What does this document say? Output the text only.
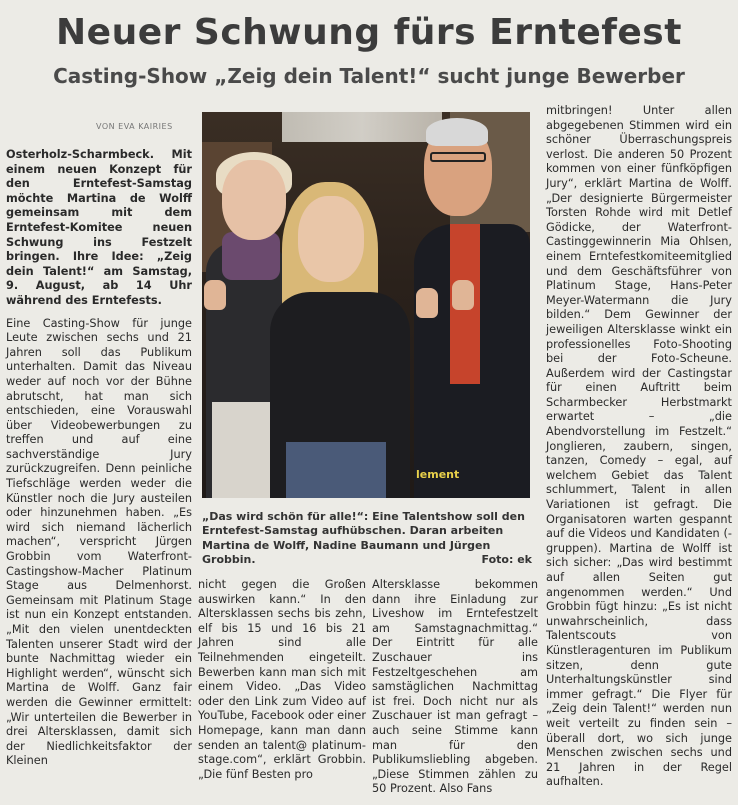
Neuer Schwung fürs Erntefest
Casting-Show „Zeig dein Talent!“ sucht junge Bewerber
VON EVA KAIRIES

Osterholz-Scharmbeck. Mit einem neuen Konzept für den Erntefest-Samstag möchte Martina de Wolff gemeinsam mit dem Erntefest-Komitee neuen Schwung ins Festzelt bringen. Ihre Idee: „Zeig dein Talent!“ am Samstag, 9. August, ab 14 Uhr während des Erntefests.

Eine Casting-Show für junge Leute zwischen sechs und 21 Jahren soll das Publikum unterhalten. Damit das Niveau weder auf noch vor der Bühne abrutscht, hat man sich entschieden, eine Vorauswahl über Videobewerbungen zu treffen und auf eine sachverständige Jury zurückzugreifen. Denn peinliche Tiefschläge werden weder die Künstler noch die Jury austeilen oder hinzunehmen haben. „Es wird sich niemand lächerlich machen“, verspricht Jürgen Grobbin vom Waterfront-Castingshow-Macher Platinum Stage aus Delmenhorst. Gemeinsam mit Platinum Stage ist nun ein Konzept entstanden. „Mit den vielen unentdeckten Talenten unserer Stadt wird der bunte Nachmittag wieder ein Highlight werden“, wünscht sich Martina de Wolff. Ganz fair werden die Gewinner ermittelt: „Wir unterteilen die Bewerber in drei Altersklassen, damit sich der Niedlichkeitsfaktor der Kleinen

lement
„Das wird schön für alle!“: Eine Talentshow soll den Erntefest-Samstag aufhübschen. Daran arbeiten Martina de Wolff, Nadine Baumann und Jürgen Grobbin.	Foto: ek

nicht gegen die Großen auswirken kann.“ In den Altersklassen sechs bis zehn, elf bis 15 und 16 bis 21 Jahren sind alle Teilnehmenden eingeteilt. Bewerben kann man sich mit einem Video. „Das Video oder den Link zum Video auf YouTube, Facebook oder einer Homepage, kann man dann senden an talent@ platinum-stage.com“, erklärt Grobbin. „Die fünf Besten pro

Altersklasse bekommen dann ihre Einladung zur Liveshow im Erntefestzelt am Samstagnachmittag.“ Der Eintritt für alle Zuschauer ins Festzeltgeschehen am samstäglichen Nachmittag ist frei. Doch nicht nur als Zuschauer ist man gefragt – auch seine Stimme kann man für den Publikumsliebling abgeben. „Diese Stimmen zählen zu 50 Prozent. Also Fans

mitbringen! Unter allen abgegebenen Stimmen wird ein schöner Überraschungspreis verlost. Die anderen 50 Prozent kommen von einer fünfköpfigen Jury“, erklärt Martina de Wolff. „Der designierte Bürgermeister Torsten Rohde wird mit Detlef Gödicke, der Waterfront-Castinggewinnerin Mia Ohlsen, einem Erntefestkomiteemitglied und dem Geschäftsführer von Platinum Stage, Hans-Peter Meyer-Watermann die Jury bilden.“ Dem Gewinner der jeweiligen Altersklasse winkt ein professionelles Foto-Shooting bei der Foto-Scheune. Außerdem wird der Castingstar für einen Auftritt beim Scharmbecker Herbstmarkt erwartet – „die Abendvorstellung im Festzelt.“ Jonglieren, zaubern, singen, tanzen, Comedy – egal, auf welchem Gebiet das Talent schlummert, Talent in allen Variationen ist gefragt. Die Organisatoren warten gespannt auf die Videos und Kandidaten (-gruppen). Martina de Wolff ist sich sicher: „Das wird bestimmt auf allen Seiten gut angenommen werden.“ Und Grobbin fügt hinzu: „Es ist nicht unwahrscheinlich, dass Talentscouts von Künstleragenturen im Publikum sitzen, denn gute Unterhaltungskünstler sind immer gefragt.“ Die Flyer für „Zeig dein Talent!“ werden nun weit verteilt zu finden sein – überall dort, wo sich junge Menschen zwischen sechs und 21 Jahren in der Regel aufhalten.
